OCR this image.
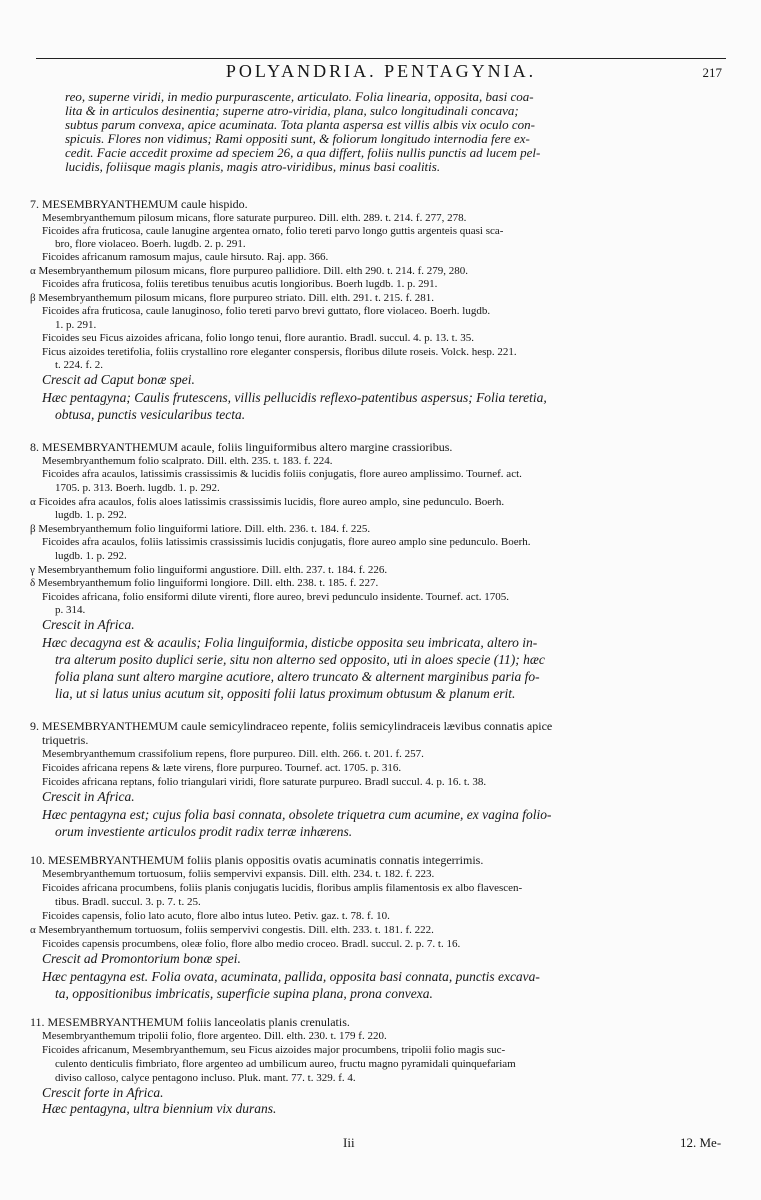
POLYANDRIA. PENTAGYNIA.	217
reo, superne viridi, in medio purpurascente, articulato. Folia linearia, opposita, basi coa-
lita & in articulos desinentia; superne atro-viridia, plana, sulco longitudinali concava;
subtus parum convexa, apice acuminata. Tota planta aspersa est villis albis vix oculo con-
spicuis. Flores non vidimus; Rami oppositi sunt, & foliorum longitudo internodia fere ex-
cedit. Facie accedit proxime ad speciem 26, a qua differt, foliis nullis punctis ad lucem pel-
lucidis, foliisque magis planis, magis atro-viridibus, minus basi coalitis.
7. MESEMBRYANTHEMUM caule hispido.
Mesembryanthemum pilosum micans, flore saturate purpureo. Dill. elth. 289. t. 214. f. 277, 278.
Ficoides afra fruticosa, caule lanugine argentea ornato, folio tereti parvo longo guttis argenteis quasi sca-
bro, flore violaceo. Boerh. lugdb. 2. p. 291.
Ficoides africanum ramosum majus, caule hirsuto. Raj. app. 366.
α Mesembryanthemum pilosum micans, flore purpureo pallidiore. Dill. elth 290. t. 214. f. 279, 280.
Ficoides afra fruticosa, foliis teretibus tenuibus acutis longioribus. Boerh lugdb. 1. p. 291.
β Mesembryanthemum pilosum micans, flore purpureo striato. Dill. elth. 291. t. 215. f. 281.
Ficoides afra fruticosa, caule lanuginoso, folio tereti parvo brevi guttato, flore violaceo. Boerh. lugdb.
1. p. 291.
Ficoides seu Ficus aizoides africana, folio longo tenui, flore aurantio. Bradl. succul. 4. p. 13. t. 35.
Ficus aizoides teretifolia, foliis crystallino rore eleganter conspersis, floribus dilute roseis. Volck. hesp. 221.
t. 224. f. 2.
Crescit ad Caput bonæ spei.
Hæc pentagyna; Caulis frutescens, villis pellucidis reflexo-patentibus aspersus; Folia teretia,
obtusa, punctis vesicularibus tecta.
8. MESEMBRYANTHEMUM acaule, foliis linguiformibus altero margine crassioribus.
Mesembryanthemum folio scalprato. Dill. elth. 235. t. 183. f. 224.
Ficoides afra acaulos, latissimis crassissimis & lucidis foliis conjugatis, flore aureo amplissimo. Tournef. act.
1705. p. 313. Boerh. lugdb. 1. p. 292.
α Ficoides afra acaulos, folis aloes latissimis crassissimis lucidis, flore aureo amplo, sine pedunculo. Boerh.
lugdb. 1. p. 292.
β Mesembryanthemum folio linguiformi latiore. Dill. elth. 236. t. 184. f. 225.
Ficoides afra acaulos, foliis latissimis crassissimis lucidis conjugatis, flore aureo amplo sine pedunculo. Boerh.
lugdb. 1. p. 292.
γ Mesembryanthemum folio linguiformi angustiore. Dill. elth. 237. t. 184. f. 226.
δ Mesembryanthemum folio linguiformi longiore. Dill. elth. 238. t. 185. f. 227.
Ficoides africana, folio ensiformi dilute virenti, flore aureo, brevi pedunculo insidente. Tournef. act. 1705.
p. 314.
Crescit in Africa.
Hæc decagyna est & acaulis; Folia linguiformia, disticbe opposita seu imbricata, altero in-
tra alterum posito duplici serie, situ non alterno sed opposito, uti in aloes specie (11); hæc
folia plana sunt altero margine acutiore, altero truncato & alternent marginibus paria fo-
lia, ut si latus unius acutum sit, oppositi folii latus proximum obtusum & planum erit.
9. MESEMBRYANTHEMUM caule semicylindraceo repente, foliis semicylindraceis lævibus connatis apice
triquetris.
Mesembryanthemum crassifolium repens, flore purpureo. Dill. elth. 266. t. 201. f. 257.
Ficoides africana repens & læte virens, flore purpureo. Tournef. act. 1705. p. 316.
Ficoides africana reptans, folio triangulari viridi, flore saturate purpureo. Bradl succul. 4. p. 16. t. 38.
Crescit in Africa.
Hæc pentagyna est; cujus folia basi connata, obsolete triquetra cum acumine, ex vagina folio-
orum investiente articulos prodit radix terræ inhærens.
10. MESEMBRYANTHEMUM foliis planis oppositis ovatis acuminatis connatis integerrimis.
Mesembryanthemum tortuosum, foliis sempervivi expansis. Dill. elth. 234. t. 182. f. 223.
Ficoides africana procumbens, foliis planis conjugatis lucidis, floribus amplis filamentosis ex albo flavescen-
tibus. Bradl. succul. 3. p. 7. t. 25.
Ficoides capensis, folio lato acuto, flore albo intus luteo. Petiv. gaz. t. 78. f. 10.
α Mesembryanthemum tortuosum, foliis sempervivi congestis. Dill. elth. 233. t. 181. f. 222.
Ficoides capensis procumbens, oleæ folio, flore albo medio croceo. Bradl. succul. 2. p. 7. t. 16.
Crescit ad Promontorium bonæ spei.
Hæc pentagyna est. Folia ovata, acuminata, pallida, opposita basi connata, punctis excava-
ta, oppositionibus imbricatis, superficie supina plana, prona convexa.
11. MESEMBRYANTHEMUM foliis lanceolatis planis crenulatis.
Mesembryanthemum tripolii folio, flore argenteo. Dill. elth. 230. t. 179 f. 220.
Ficoides africanum, Mesembryanthemum, seu Ficus aizoides major procumbens, tripolii folio magis suc-
culento denticulis fimbriato, flore argenteo ad umbilicum aureo, fructu magno pyramidali quinquefariam
diviso calloso, calyce pentagono incluso. Pluk. mant. 77. t. 329. f. 4.
Crescit forte in Africa.
Hæc pentagyna, ultra biennium vix durans.
Iii	12. Me-
